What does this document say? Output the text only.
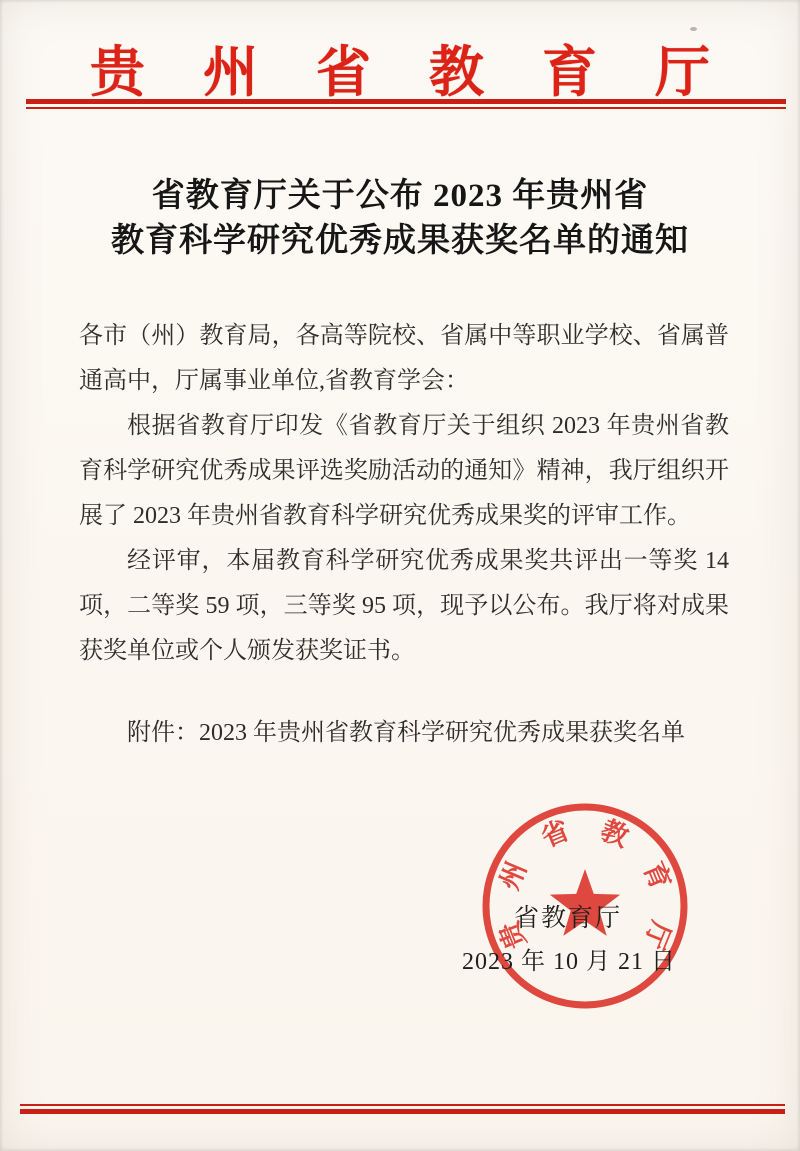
贵州省教育厅
省教育厅关于公布 2023 年贵州省
教育科学研究优秀成果获奖名单的通知
各市（州）教育局，各高等院校、省属中等职业学校、省属普
通高中，厅属事业单位,省教育学会：
根据省教育厅印发《省教育厅关于组织 2023 年贵州省教
育科学研究优秀成果评选奖励活动的通知》精神，我厅组织开
展了 2023 年贵州省教育科学研究优秀成果奖的评审工作。
经评审，本届教育科学研究优秀成果奖共评出一等奖 14
项，二等奖 59 项，三等奖 95 项，现予以公布。我厅将对成果
获奖单位或个人颁发获奖证书。
附件：2023 年贵州省教育科学研究优秀成果获奖名单
贵
州
省 教
育
厅
省教育厅
2023 年 10 月 21 日
